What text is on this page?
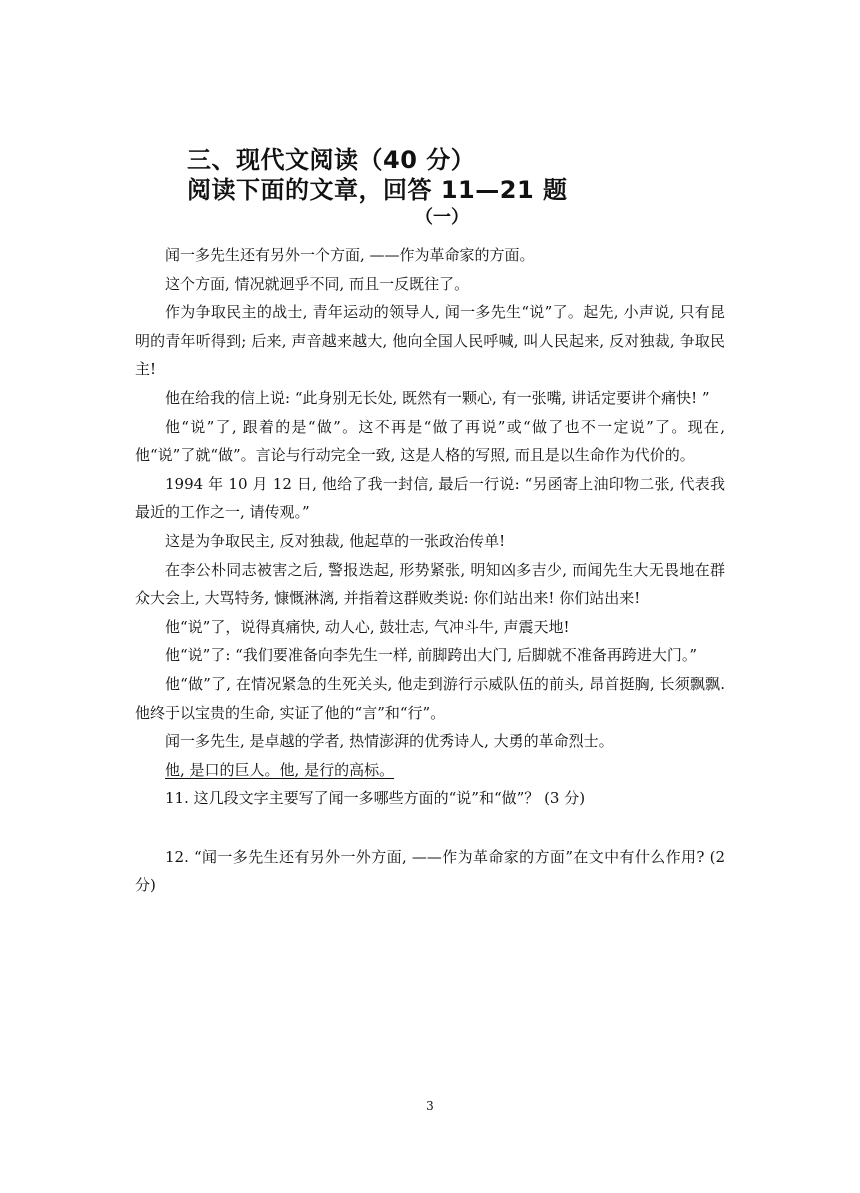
三、现代文阅读（40 分）
阅读下面的文章，回答 11—21 题
（一）

闻一多先生还有另外一个方面, ——作为革命家的方面。

这个方面, 情况就迥乎不同, 而且一反既往了。

作为争取民主的战士, 青年运动的领导人, 闻一多先生“说”了。起先, 小声说, 只有昆明的青年听得到; 后来, 声音越来越大, 他向全国人民呼喊, 叫人民起来, 反对独裁, 争取民主!

他在给我的信上说: “此身别无长处, 既然有一颗心, 有一张嘴, 讲话定要讲个痛快! ”

他“说”了, 跟着的是“做”。这不再是“做了再说”或“做了也不一定说”了。现在, 他“说”了就“做”。言论与行动完全一致, 这是人格的写照, 而且是以生命作为代价的。

1994 年 10 月 12 日, 他给了我一封信, 最后一行说: “另函寄上油印物二张, 代表我最近的工作之一, 请传观。”

这是为争取民主, 反对独裁, 他起草的一张政治传单!

在李公朴同志被害之后, 警报迭起, 形势紧张, 明知凶多吉少, 而闻先生大无畏地在群众大会上, 大骂特务, 慷慨淋漓, 并指着这群败类说: 你们站出来! 你们站出来!

他“说”了，说得真痛快, 动人心, 鼓壮志, 气冲斗牛, 声震天地!

他“说”了: “我们要准备向李先生一样, 前脚跨出大门, 后脚就不准备再跨进大门。”

他“做”了, 在情况紧急的生死关头, 他走到游行示威队伍的前头, 昂首挺胸, 长须飘飘. 他终于以宝贵的生命, 实证了他的“言”和“行”。

闻一多先生, 是卓越的学者, 热情澎湃的优秀诗人, 大勇的革命烈士。

他, 是口的巨人。他, 是行的高标。

11. 这几段文字主要写了闻一多哪些方面的“说”和“做”？ (3 分)

12. “闻一多先生还有另外一外方面, ——作为革命家的方面”在文中有什么作用? (2 分)

3
